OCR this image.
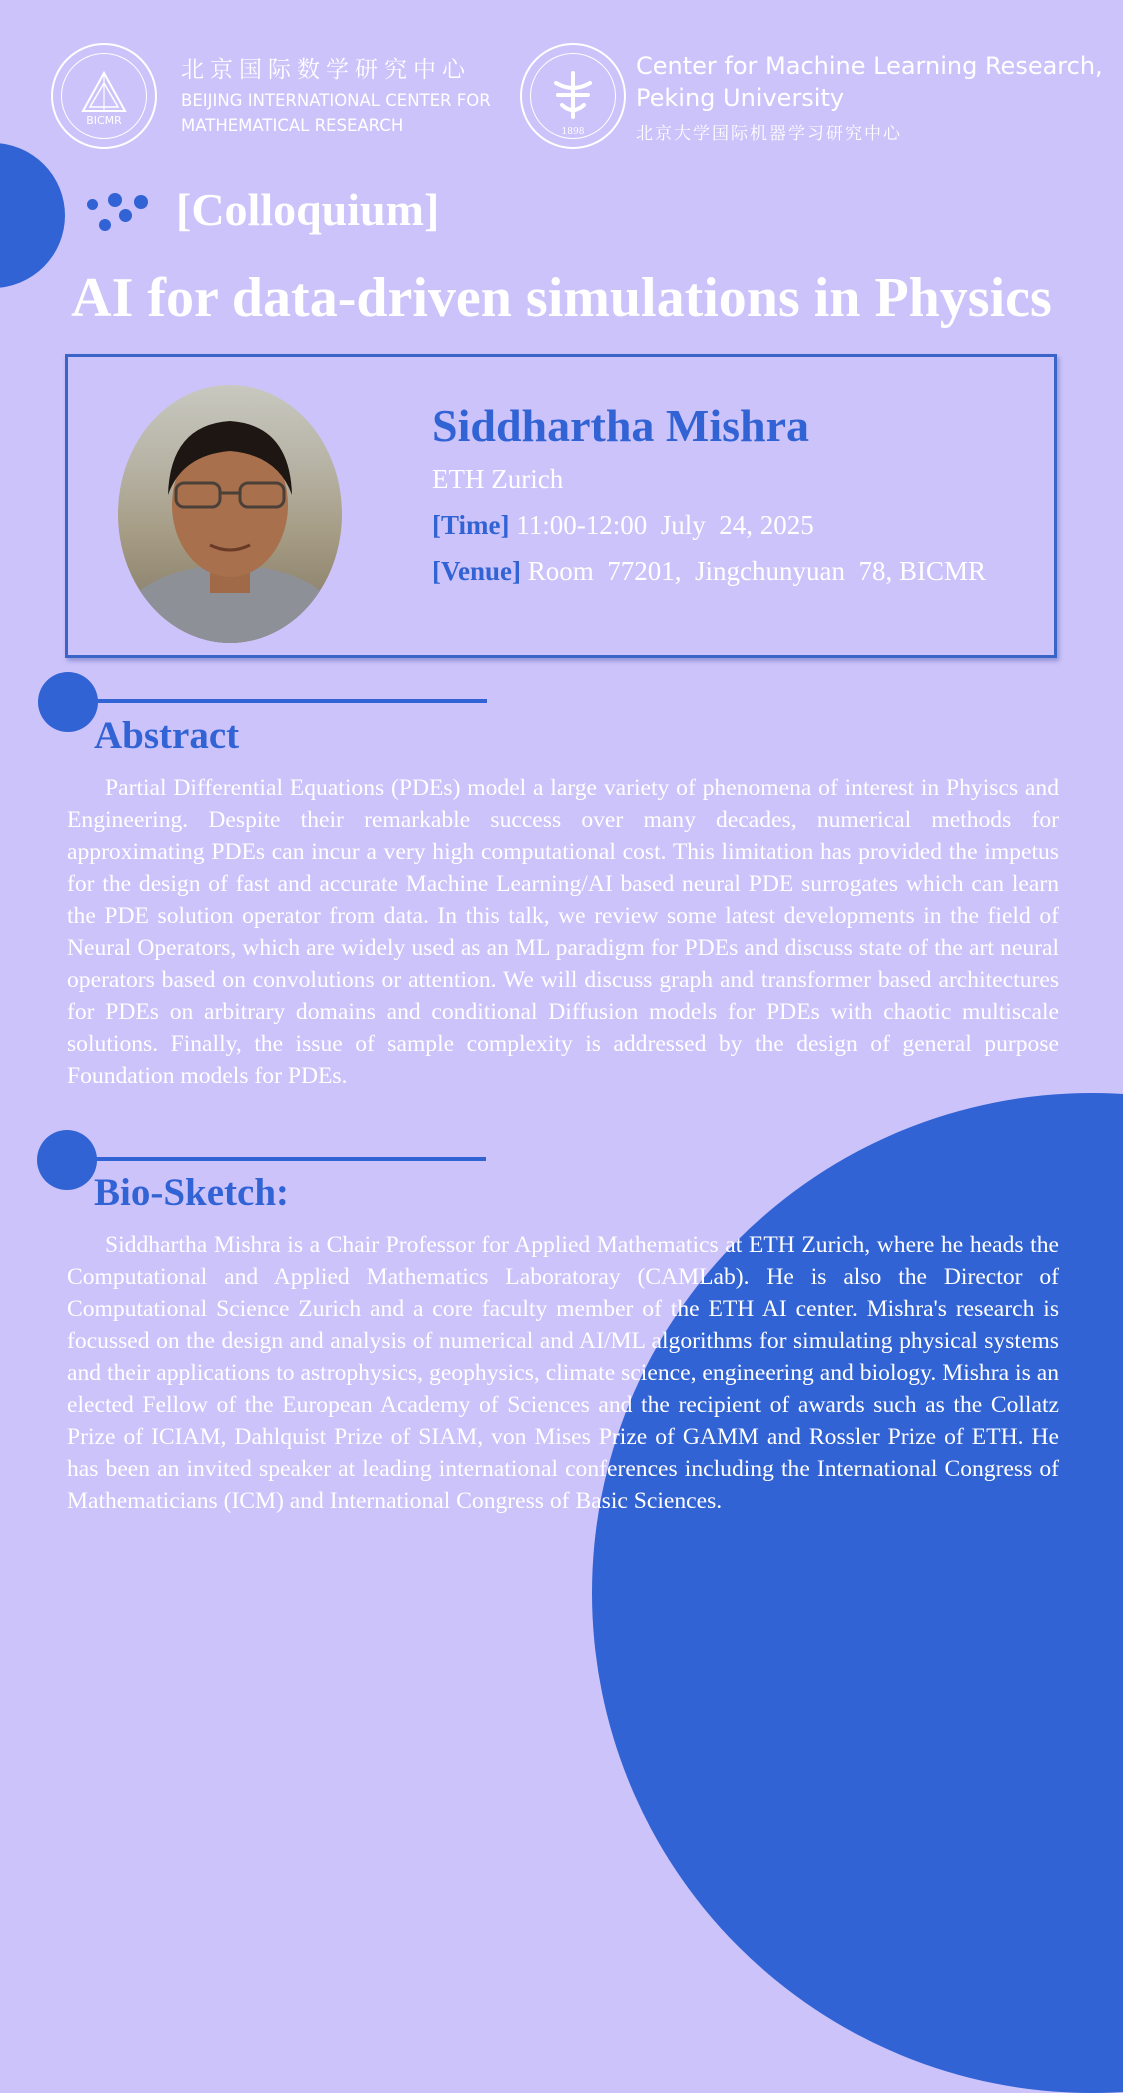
BICMR
北京国际数学研究中心
BEIJING INTERNATIONAL CENTER FOR
MATHEMATICAL RESEARCH	1898
Center for Machine Learning Research,
Peking University
北京大学国际机器学习研究中心
[Colloquium]
AI for data-driven simulations in Physics
Siddhartha Mishra
ETH Zurich
[Time] 11:00-12:00  July  24, 2025
[Venue] Room  77201,  Jingchunyuan  78, BICMR
Abstract
Partial Differential Equations (PDEs) model a large variety of phenomena of interest in Phyiscs and Engineering. Despite their remarkable success over many decades, numerical methods for approximating PDEs can incur a very high computational cost. This limitation has provided the impetus for the design of fast and accurate Machine Learning/AI based neural PDE surrogates which can learn the PDE solution operator from data. In this talk, we review some latest developments in the field of Neural Operators, which are widely used as an ML paradigm for PDEs and discuss state of the art neural operators based on convolutions or attention. We will discuss graph and transformer based architectures for PDEs on arbitrary domains and conditional Diffusion models for PDEs with chaotic multiscale solutions. Finally, the issue of sample complexity is addressed by the design of general purpose Foundation models for PDEs.
Bio-Sketch:
Siddhartha Mishra is a Chair Professor for Applied Mathematics at ETH Zurich, where he heads the Computational and Applied Mathematics Laboratoray (CAMLab). He is also the Director of Computational Science Zurich and a core faculty member of the ETH AI center. Mishra's research is focussed on the design and analysis of numerical and AI/ML algorithms for simulating physical systems and their applications to astrophysics, geophysics, climate science, engineering and biology. Mishra is an elected Fellow of the European Academy of Sciences and the recipient of awards such as the Collatz Prize of ICIAM, Dahlquist Prize of SIAM, von Mises Prize of GAMM and Rossler Prize of ETH. He has been an invited speaker at leading international conferences including the International Congress of Mathematicians (ICM) and International Congress of Basic Sciences.
